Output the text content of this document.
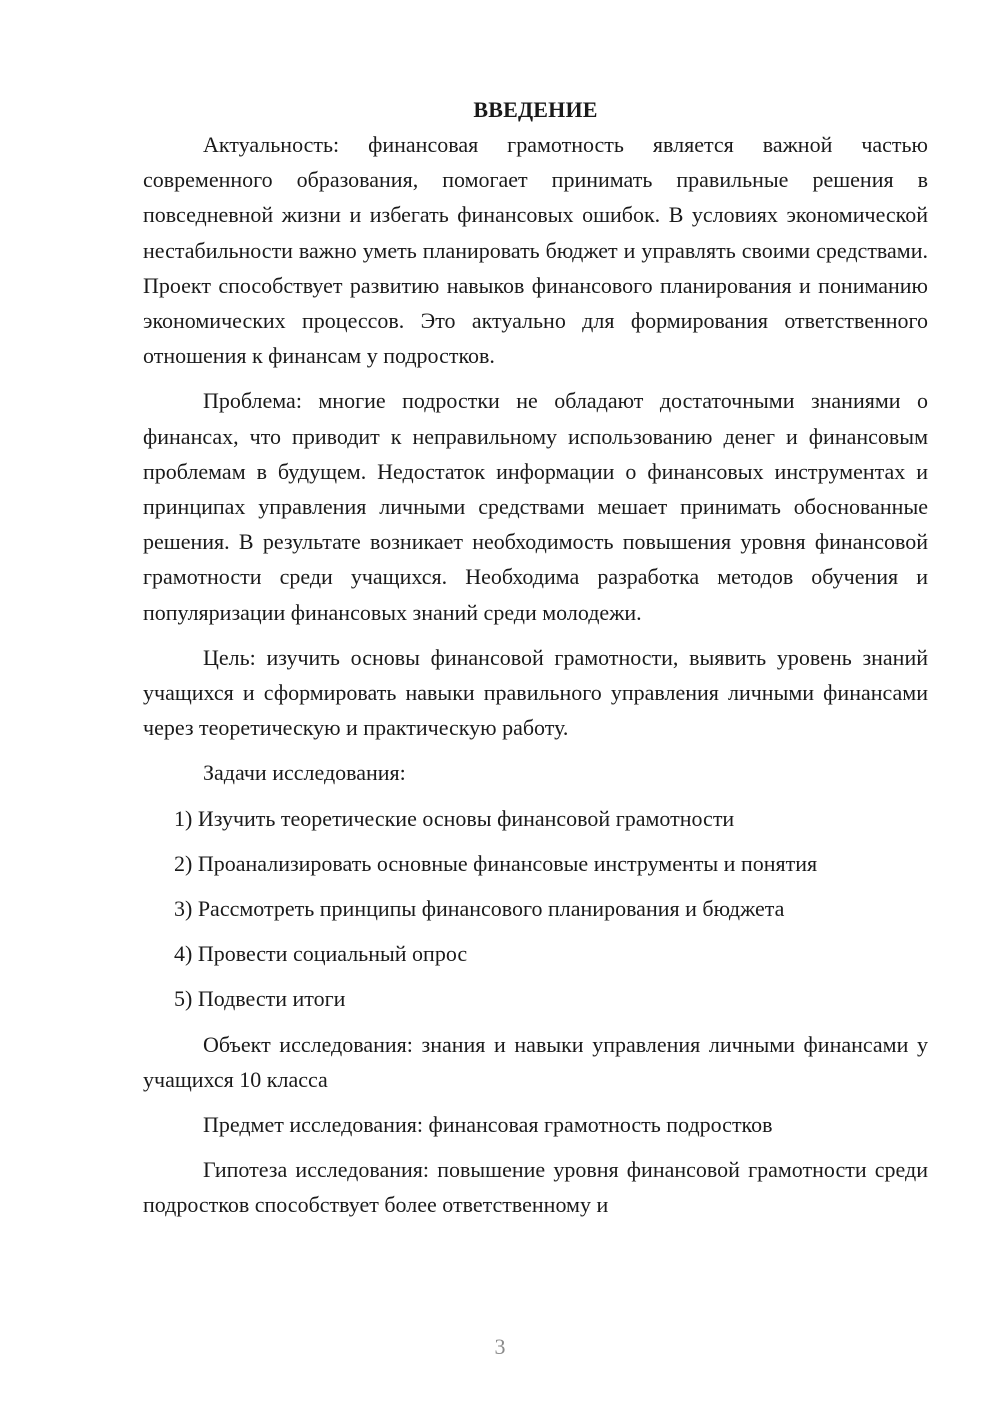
ВВЕДЕНИЕ

Актуальность: финансовая грамотность является важной частью современного образования, помогает принимать правильные решения в повседневной жизни и избегать финансовых ошибок. В условиях экономической нестабильности важно уметь планировать бюджет и управлять своими средствами. Проект способствует развитию навыков финансового планирования и пониманию экономических процессов. Это актуально для формирования ответственного отношения к финансам у подростков.

Проблема: многие подростки не обладают достаточными знаниями о финансах, что приводит к неправильному использованию денег и финансовым проблемам в будущем. Недостаток информации о финансовых инструментах и принципах управления личными средствами мешает принимать обоснованные решения. В результате возникает необходимость повышения уровня финансовой грамотности среди учащихся. Необходима разработка методов обучения и популяризации финансовых знаний среди молодежи.

Цель: изучить основы финансовой грамотности, выявить уровень знаний учащихся и сформировать навыки правильного управления личными финансами через теоретическую и практическую работу.

Задачи исследования:

1) Изучить теоретические основы финансовой грамотности
2) Проанализировать основные финансовые инструменты и понятия
3) Рассмотреть принципы финансового планирования и бюджета
4) Провести социальный опрос
5) Подвести итоги

Объект исследования: знания и навыки управления личными финансами у учащихся 10 класса

Предмет исследования: финансовая грамотность подростков

Гипотеза исследования: повышение уровня финансовой грамотности среди подростков способствует более ответственному и

3
